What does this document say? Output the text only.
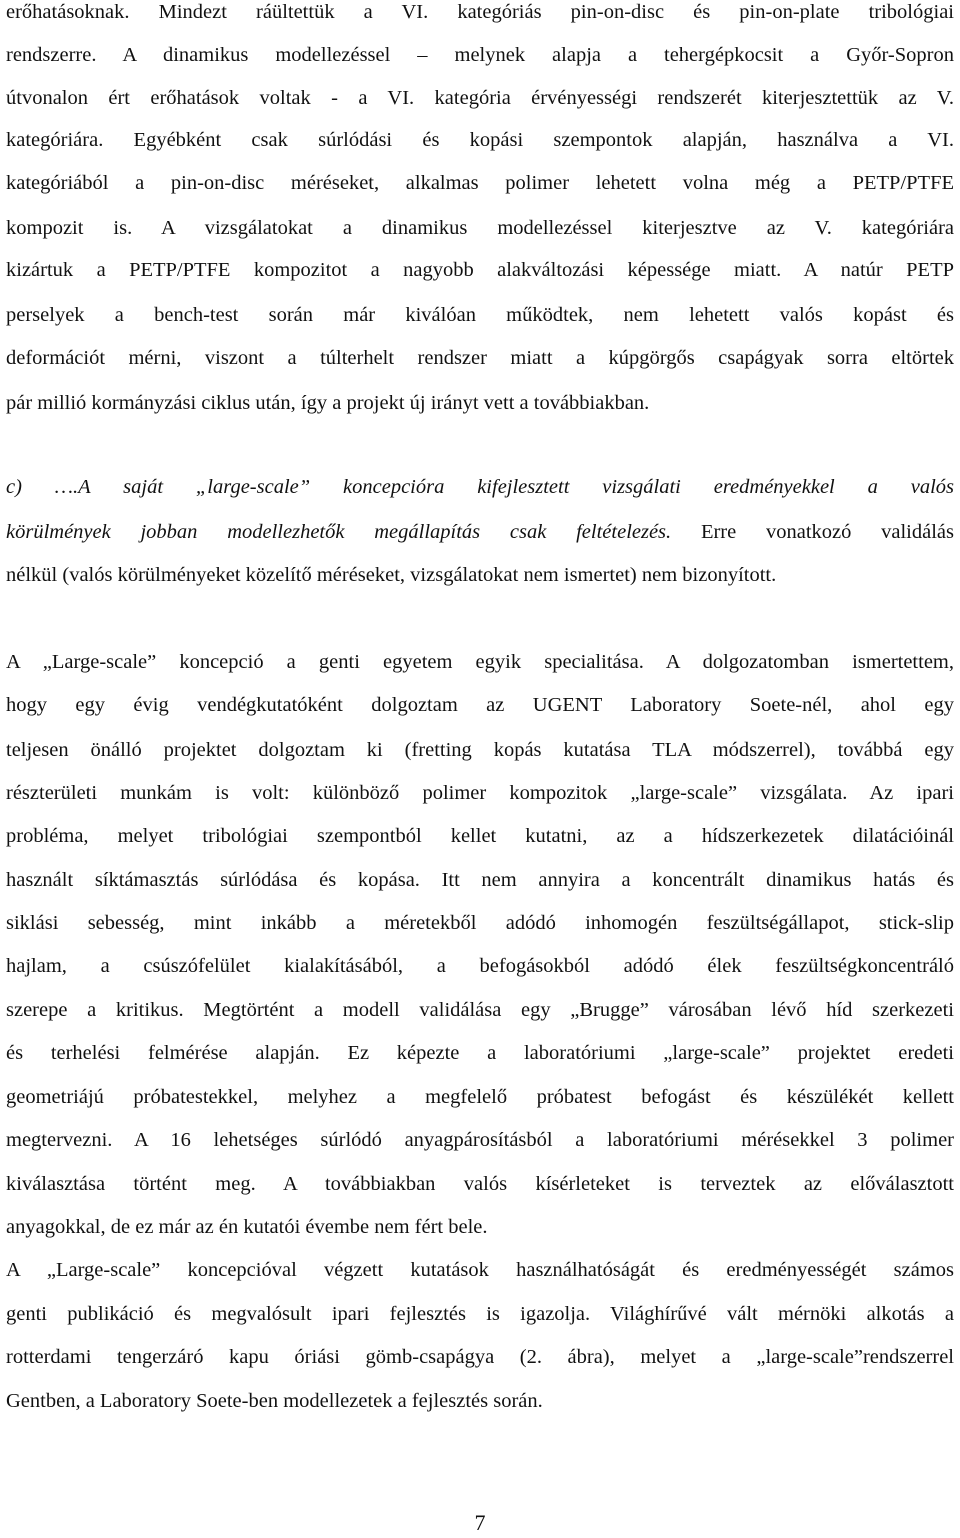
erőhatásoknak. Mindezt ráültettük a VI. kategóriás pin-on-disc és pin-on-plate tribológiai
rendszerre. A dinamikus modellezéssel – melynek alapja a tehergépkocsit a Győr-Sopron
útvonalon ért erőhatások voltak - a VI. kategória érvényességi rendszerét kiterjesztettük az V.
kategóriára. Egyébként csak súrlódási és kopási szempontok alapján, használva a VI.
kategóriából a pin-on-disc méréseket, alkalmas polimer lehetett volna még a PETP/PTFE
kompozit is. A vizsgálatokat a dinamikus modellezéssel kiterjesztve az V. kategóriára
kizártuk a PETP/PTFE kompozitot a nagyobb alakváltozási képessége miatt. A natúr PETP
perselyek a bench-test során már kiválóan működtek, nem lehetett valós kopást és
deformációt mérni, viszont a túlterhelt rendszer miatt a kúpgörgős csapágyak sorra eltörtek
pár millió kormányzási ciklus után, így a projekt új irányt vett a továbbiakban.
c) ….A saját „large-scale” koncepcióra kifejlesztett vizsgálati eredményekkel a valós
körülmények jobban modellezhetők megállapítás csak feltételezés. Erre vonatkozó validálás
nélkül (valós körülményeket közelítő méréseket, vizsgálatokat nem ismertet) nem bizonyított.
A „Large-scale” koncepció a genti egyetem egyik specialitása. A dolgozatomban ismertettem,
hogy egy évig vendégkutatóként dolgoztam az UGENT Laboratory Soete-nél, ahol egy
teljesen önálló projektet dolgoztam ki (fretting kopás kutatása TLA módszerrel), továbbá egy
részterületi munkám is volt: különböző polimer kompozitok „large-scale” vizsgálata. Az ipari
probléma, melyet tribológiai szempontból kellet kutatni, az a hídszerkezetek dilatációinál
használt síktámasztás súrlódása és kopása. Itt nem annyira a koncentrált dinamikus hatás és
siklási sebesség, mint inkább a méretekből adódó inhomogén feszültségállapot, stick-slip
hajlam, a csúszófelület kialakításából, a befogásokból adódó élek feszültségkoncentráló
szerepe a kritikus. Megtörtént a modell validálása egy „Brugge” városában lévő híd szerkezeti
és terhelési felmérése alapján. Ez képezte a laboratóriumi „large-scale” projektet eredeti
geometriájú próbatestekkel, melyhez a megfelelő próbatest befogást és készülékét kellett
megtervezni. A 16 lehetséges súrlódó anyagpárosításból a laboratóriumi mérésekkel 3 polimer
kiválasztása történt meg. A továbbiakban valós kísérleteket is terveztek az előválasztott
anyagokkal, de ez már az én kutatói évembe nem fért bele.
A „Large-scale” koncepcióval végzett kutatások használhatóságát és eredményességét számos
genti publikáció és megvalósult ipari fejlesztés is igazolja. Világhírűvé vált mérnöki alkotás a
rotterdami tengerzáró kapu óriási gömb-csapágya (2. ábra), melyet a „large-scale”rendszerrel
Gentben, a Laboratory Soete-ben modellezetek a fejlesztés során.
7
